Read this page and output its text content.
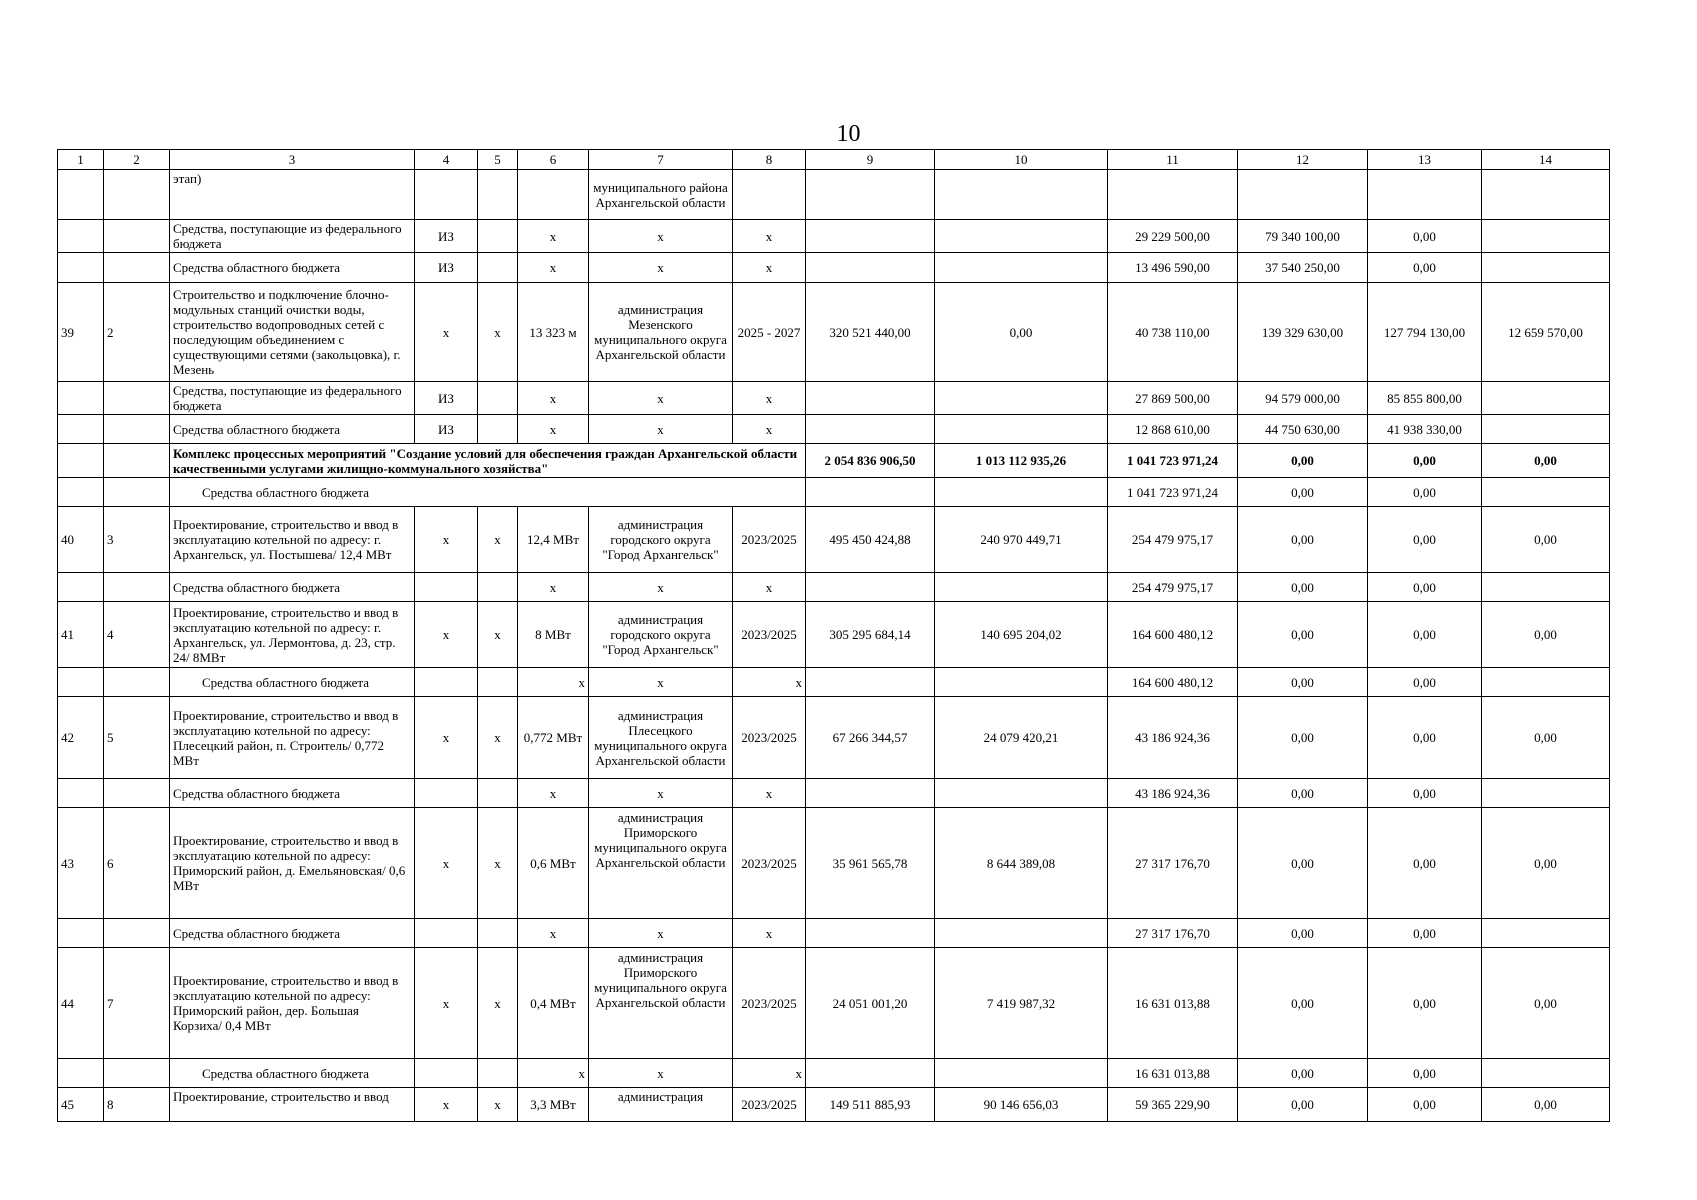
10
1	2	3	4	5	6	7	8	9	10	11	12	13	14
		этап)				муниципального района Архангельской области							
		Средства, поступающие из федерального бюджета	ИЗ		х	х	х			29 229 500,00	79 340 100,00	0,00	
		Средства областного бюджета	ИЗ		х	х	х			13 496 590,00	37 540 250,00	0,00	
39	2	Строительство и подключение блочно-модульных станций очистки воды, строительство водопроводных сетей с последующим объединением с существующими сетями (закольцовка), г. Мезень	х	х	13 323 м	администрация Мезенского муниципального округа Архангельской области	2025 - 2027	320 521 440,00	0,00	40 738 110,00	139 329 630,00	127 794 130,00	12 659 570,00
		Средства, поступающие из федерального бюджета	ИЗ		х	х	х			27 869 500,00	94 579 000,00	85 855 800,00	
		Средства областного бюджета	ИЗ		х	х	х			12 868 610,00	44 750 630,00	41 938 330,00	
		Комплекс процессных мероприятий "Создание условий для обеспечения граждан Архангельской области качественными услугами жилищно-коммунального хозяйства"						2 054 836 906,50	1 013 112 935,26	1 041 723 971,24	0,00	0,00	0,00
		Средства областного бюджета								1 041 723 971,24	0,00	0,00	
40	3	Проектирование, строительство и ввод в эксплуатацию котельной по адресу: г. Архангельск, ул. Постышева/ 12,4 МВт	х	х	12,4 МВт	администрация городского округа "Город Архангельск"	2023/2025	495 450 424,88	240 970 449,71	254 479 975,17	0,00	0,00	0,00
		Средства областного бюджета			х	х	х			254 479 975,17	0,00	0,00	
41	4	Проектирование, строительство и ввод в эксплуатацию котельной по адресу: г. Архангельск, ул. Лермонтова, д. 23, стр. 24/ 8МВт	х	х	8 МВт	администрация городского округа "Город Архангельск"	2023/2025	305 295 684,14	140 695 204,02	164 600 480,12	0,00	0,00	0,00
		Средства областного бюджета			х	х	х			164 600 480,12	0,00	0,00	
42	5	Проектирование, строительство и ввод в эксплуатацию котельной по адресу: Плесецкий район, п. Строитель/ 0,772 МВт	х	х	0,772 МВт	администрация Плесецкого муниципального округа Архангельской области	2023/2025	67 266 344,57	24 079 420,21	43 186 924,36	0,00	0,00	0,00
		Средства областного бюджета			х	х	х			43 186 924,36	0,00	0,00	
43	6	Проектирование, строительство и ввод в эксплуатацию котельной по адресу: Приморский район, д. Емельяновская/ 0,6 МВт	х	х	0,6 МВт	администрация Приморского муниципального округа Архангельской области	2023/2025	35 961 565,78	8 644 389,08	27 317 176,70	0,00	0,00	0,00
		Средства областного бюджета			х	х	х			27 317 176,70	0,00	0,00	
44	7	Проектирование, строительство и ввод в эксплуатацию котельной по адресу: Приморский район, дер. Большая Корзиха/ 0,4 МВт	х	х	0,4 МВт	администрация Приморского муниципального округа Архангельской области	2023/2025	24 051 001,20	7 419 987,32	16 631 013,88	0,00	0,00	0,00
		Средства областного бюджета			х	х	х			16 631 013,88	0,00	0,00	
45	8	Проектирование, строительство и ввод	х	х	3,3 МВт	администрация	2023/2025	149 511 885,93	90 146 656,03	59 365 229,90	0,00	0,00	0,00
